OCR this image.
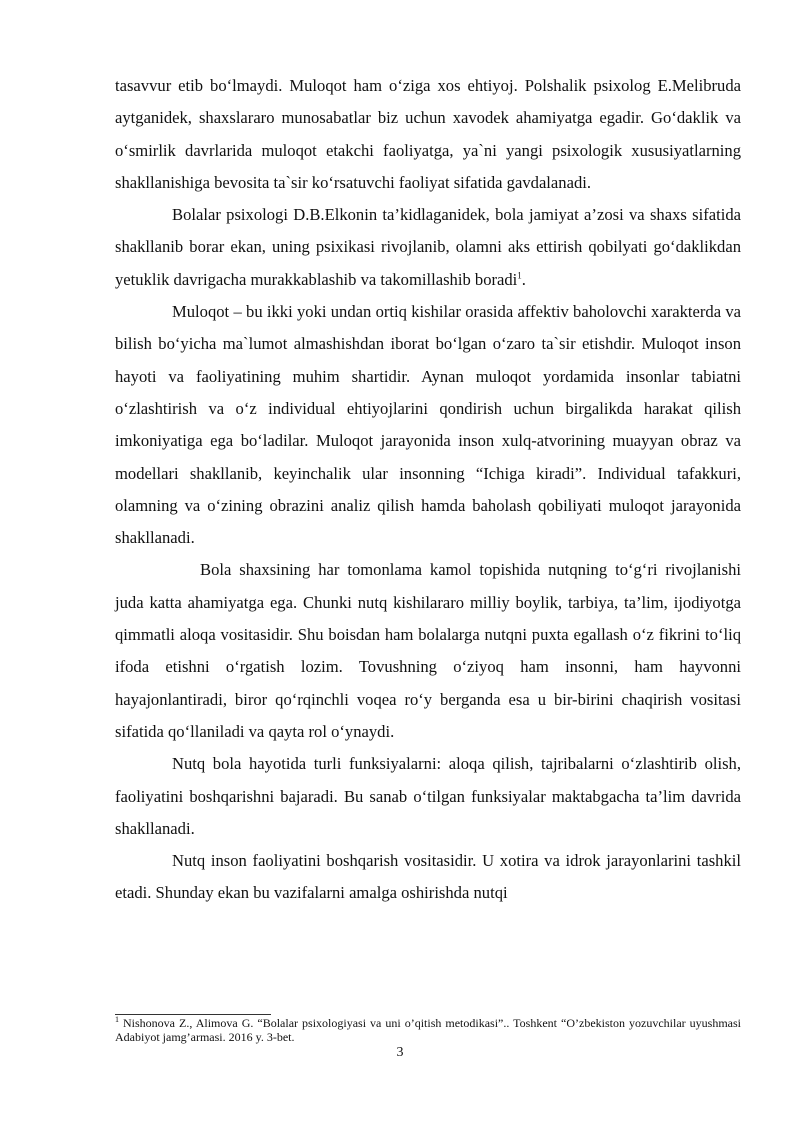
tasavvur etib bo‘lmaydi. Muloqot ham o‘ziga xos ehtiyoj. Polshalik psixolog E.Melibruda aytganidek, shaxslararo munosabatlar biz uchun xavodek ahamiyatga egadir. Go‘daklik va o‘smirlik davrlarida muloqot etakchi faoliyatga, ya`ni yangi psixologik xususiyatlarning shakllanishiga bevosita ta`sir ko‘rsatuvchi faoliyat sifatida gavdalanadi.

Bolalar psixologi D.B.Elkonin ta’kidlaganidek, bola jamiyat a’zosi va shaxs sifatida shakllanib borar ekan, uning psixikasi rivojlanib, olamni aks ettirish qobilyati go‘daklikdan yetuklik davrigacha murakkablashib va takomillashib boradi$^1$.

Muloqot – bu ikki yoki undan ortiq kishilar orasida affektiv baholovchi xarakterda va bilish bo‘yicha ma`lumot almashishdan iborat bo‘lgan o‘zaro ta`sir etishdir. Muloqot inson hayoti va faoliyatining muhim shartidir. Aynan muloqot yordamida insonlar tabiatni o‘zlashtirish va o‘z individual ehtiyojlarini qondirish uchun birgalikda harakat qilish imkoniyatiga ega bo‘ladilar. Muloqot jarayonida inson xulq-atvorining muayyan obraz va modellari shakllanib, keyinchalik ular insonning “Ichiga kiradi”. Individual tafakkuri, olamning va o‘zining obrazini analiz qilish hamda baholash qobiliyati muloqot jarayonida shakllanadi.

Bola shaxsining har tomonlama kamol topishida nutqning to‘g‘ri rivojlanishi juda katta ahamiyatga ega. Chunki nutq kishilararo milliy boylik, tarbiya, ta’lim, ijodiyotga qimmatli aloqa vositasidir. Shu boisdan ham bolalarga nutqni puxta egallash o‘z fikrini to‘liq ifoda etishni o‘rgatish lozim. Tovushning o‘ziyoq ham insonni, ham hayvonni hayajonlantiradi, biror qo‘rqinchli voqea ro‘y berganda esa u bir-birini chaqirish vositasi sifatida qo‘llaniladi va qayta rol o‘ynaydi.

Nutq bola hayotida turli funksiyalarni: aloqa qilish, tajribalarni o‘zlashtirib olish, faoliyatini boshqarishni bajaradi. Bu sanab o‘tilgan funksiyalar maktabgacha ta’lim davrida shakllanadi.

Nutq inson faoliyatini boshqarish vositasidir. U xotira va idrok jarayonlarini tashkil etadi. Shunday ekan bu vazifalarni amalga oshirishda nutqi

$^1$ Nishonova Z., Alimova G. “Bolalar psixologiyasi va uni o’qitish metodikasi”.. Toshkent “O’zbekiston yozuvchilar uyushmasi Adabiyot jamg’armasi. 2016 y. 3-bet.

3
